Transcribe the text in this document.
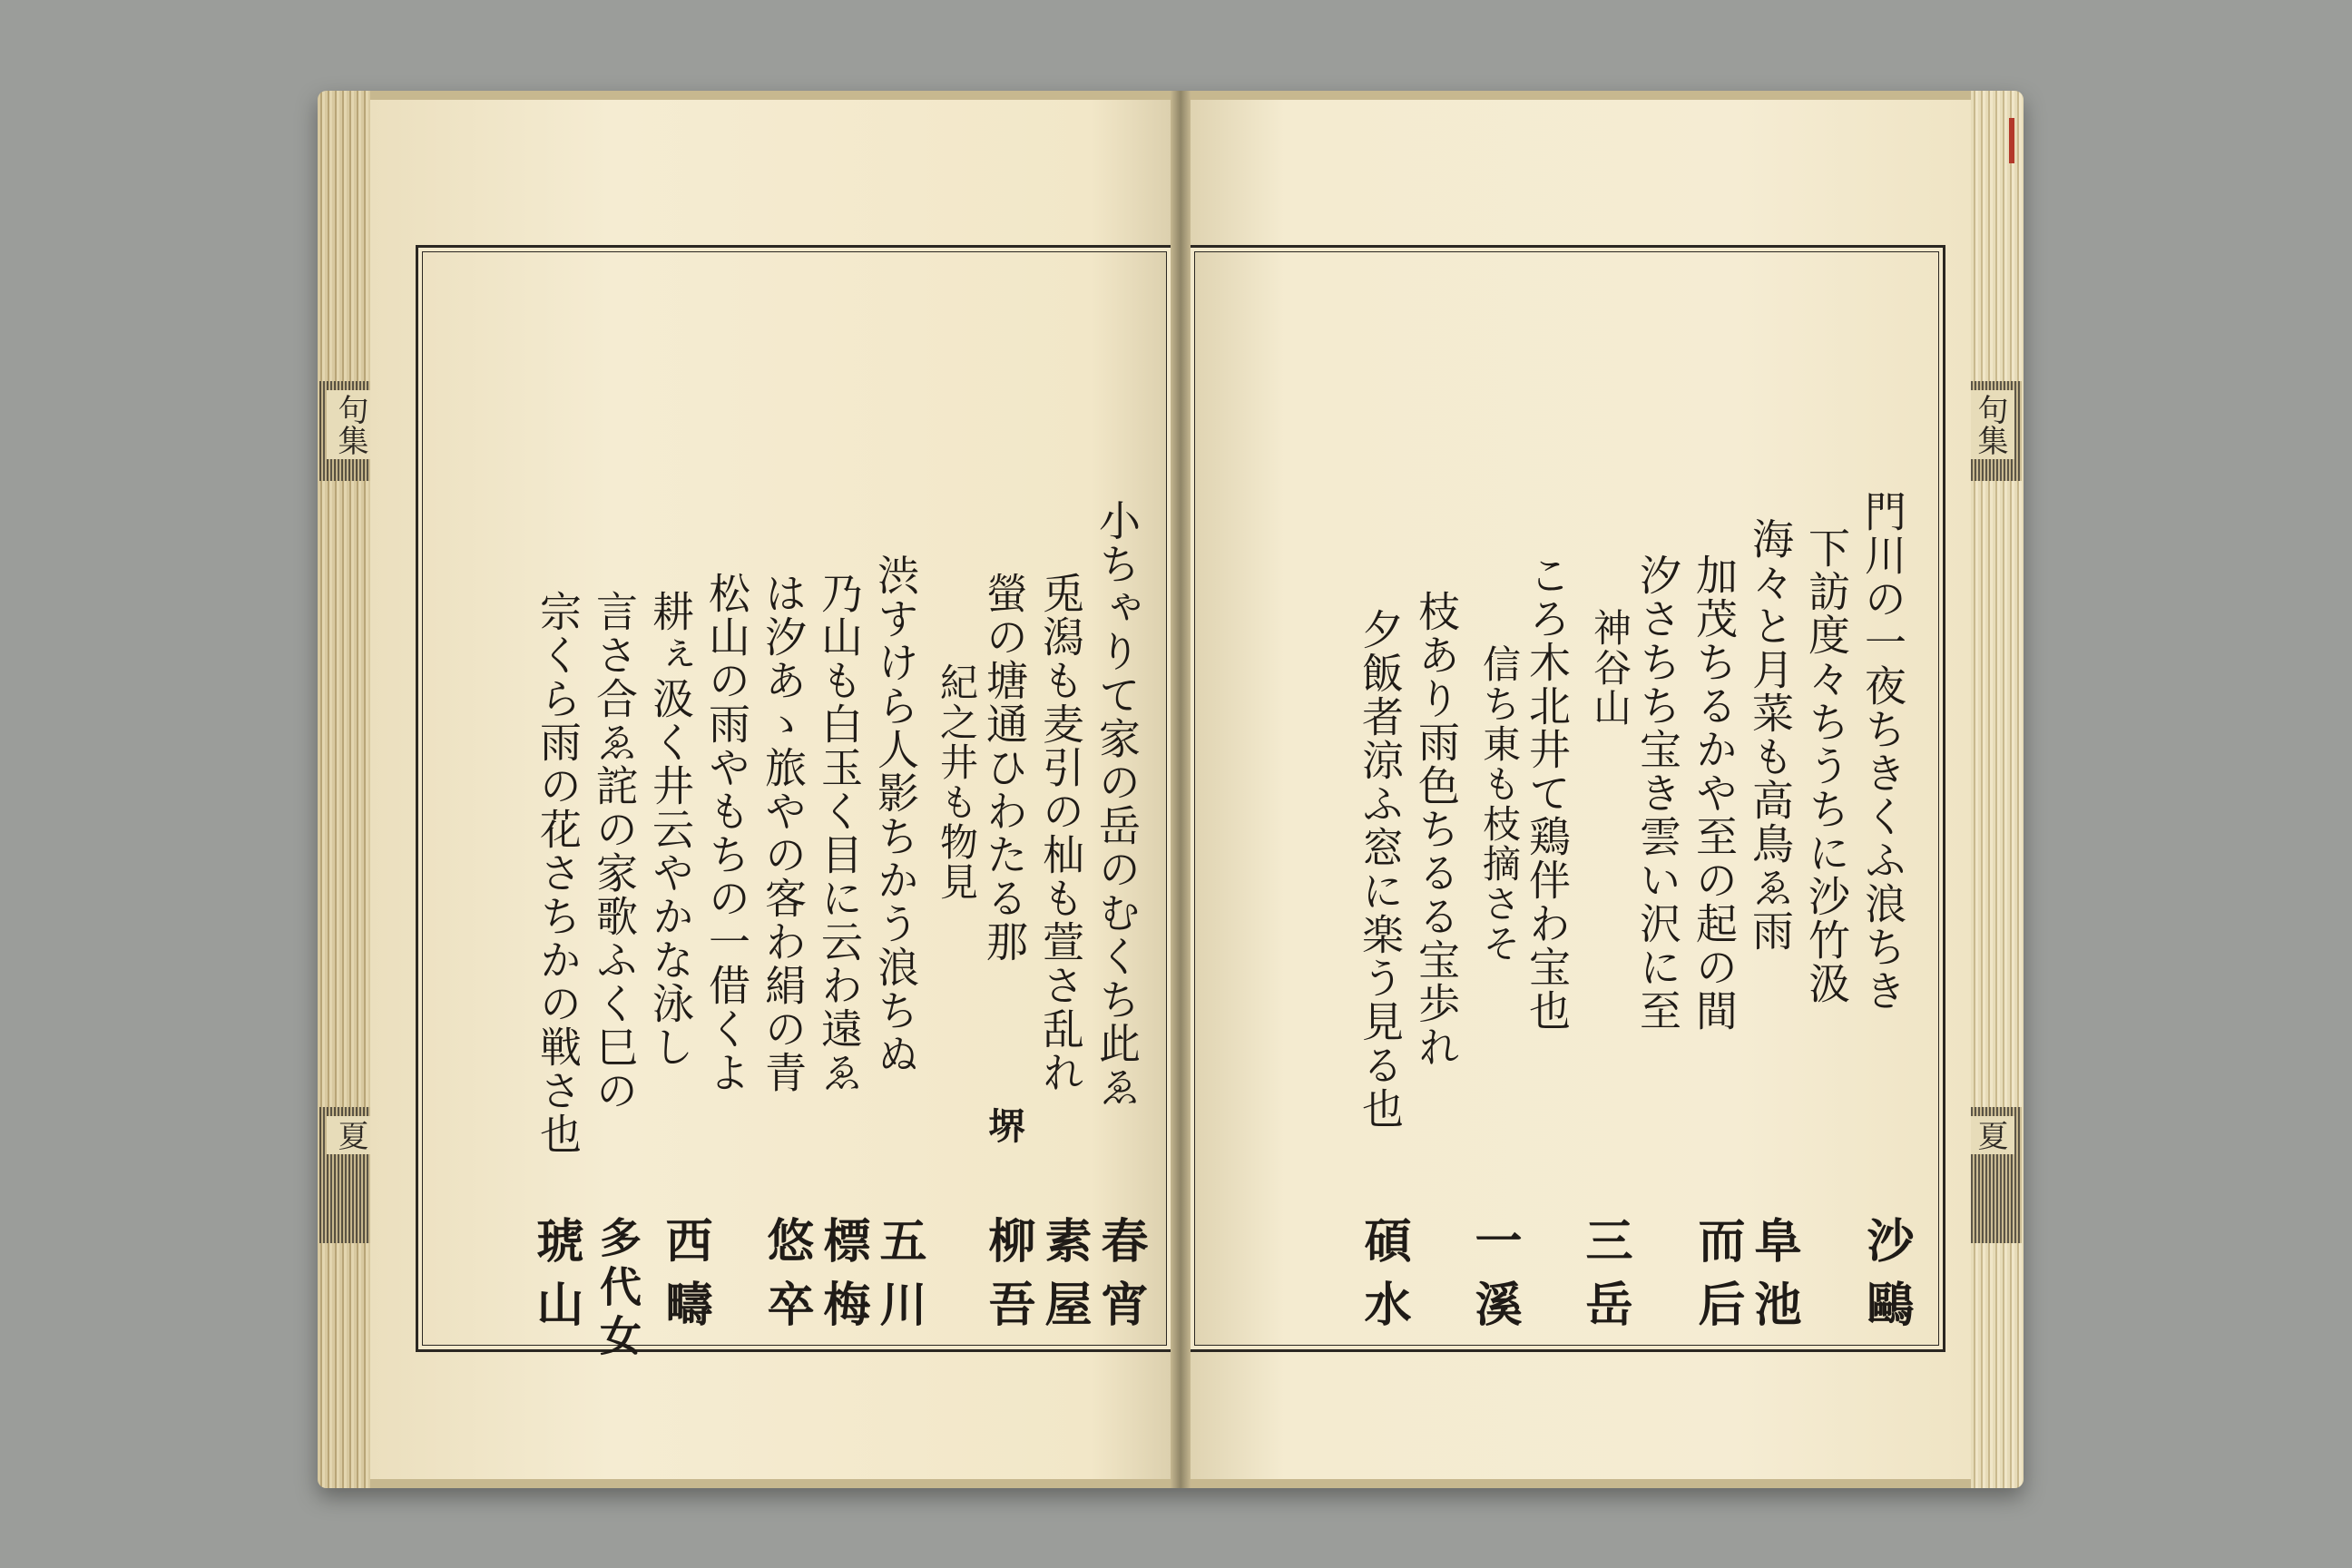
句集
夏
句集
夏
春宵
小ちゃりて家の岳のむくち此ゑ
素屋
兎潟も麦引の杣も萱さ乱れ
堺
柳吾
螢の塘通ひわたる那
紀之井も物見
五川
渋すけら人影ちかう浪ちぬ
標梅
乃山も白玉く目に云わ遠ゑ
悠卒
は汐あゝ旅やの客わ絹の青
松山の雨やもちの一借くよ
西疇
耕ぇ汲く井云やかな泳し
多代女
言さ合ゑ詫の家歌ふく巳の
琥山
宗くら雨の花さちかの戦さ也
沙鷗
門川の一夜ちきくふ浪ちき
下訪度々ちうちに沙竹汲
阜池
海々と月菜も高鳥ゑ雨
而后
加茂ちるかや至の起の間
汐さちち宝き雲い沢に至
神谷山
三岳
ころ木北井て鶏伴わ宝也
信ち東も枝摘さそ
一溪
枝あり雨色ちるる宝歩れ
碩水
夕飯者涼ふ窓に楽う見る也
